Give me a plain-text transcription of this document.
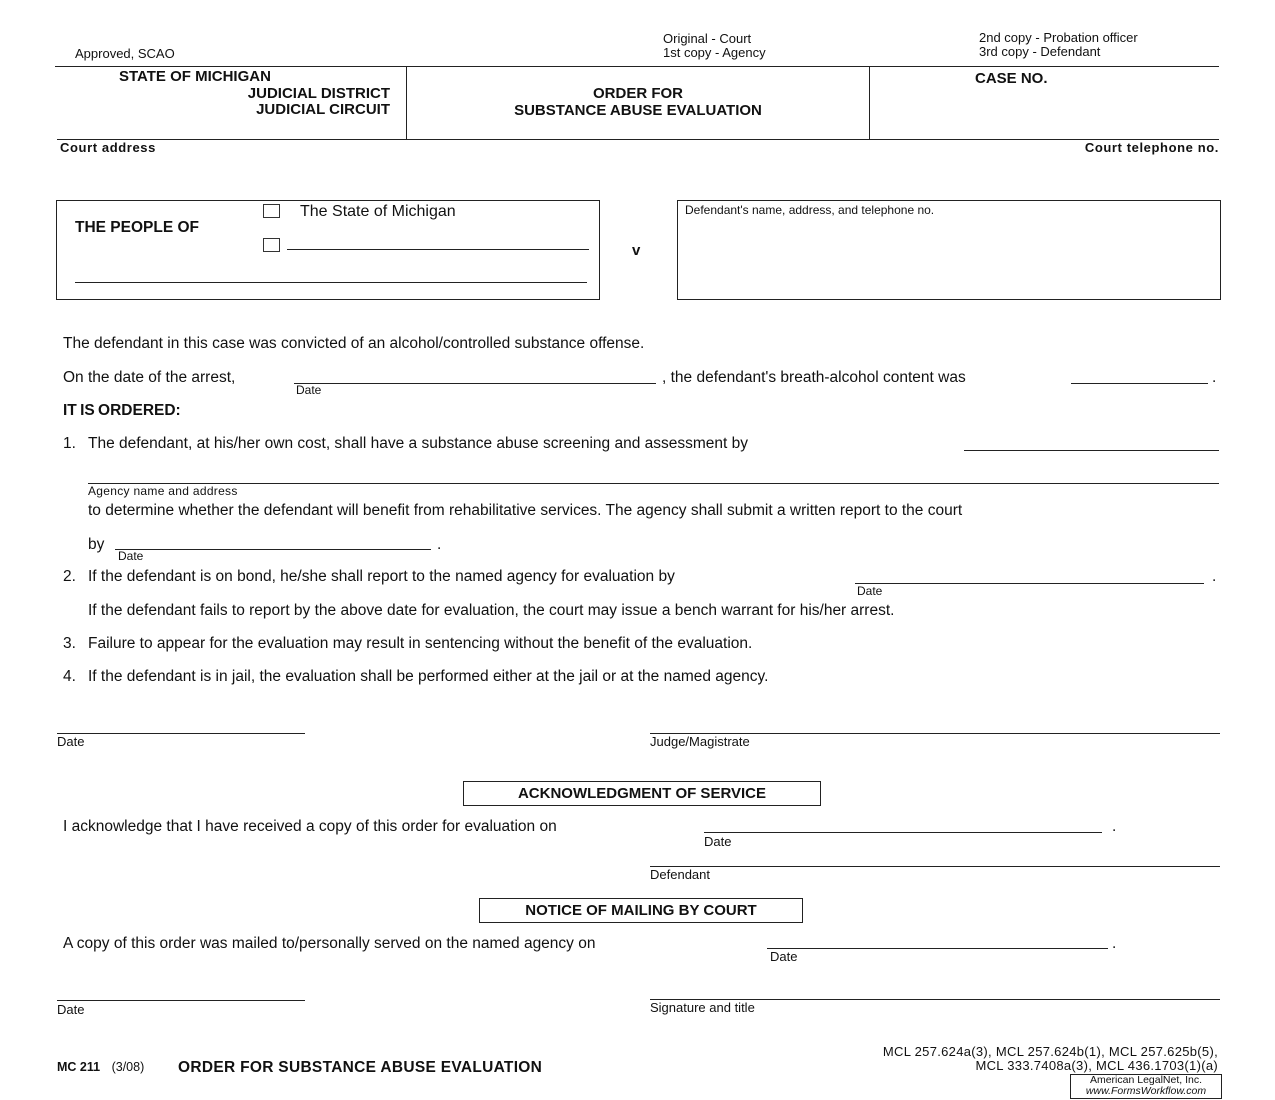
Approved, SCAO
Original - Court
1st copy - Agency
2nd copy - Probation officer
3rd copy - Defendant
STATE OF MICHIGAN
JUDICIAL DISTRICT
JUDICIAL CIRCUIT
ORDER FOR
SUBSTANCE ABUSE EVALUATION
CASE NO.
Court address	Court telephone no.
THE PEOPLE OF
The State of Michigan
v
Defendant's name, address, and telephone no.
The defendant in this case was convicted of an alcohol/controlled substance offense.
On the date of the arrest,
Date
, the defendant's breath-alcohol content was	.
IT IS ORDERED:
1. The defendant, at his/her own cost, shall have a substance abuse screening and assessment by
Agency name and address
to determine whether the defendant will benefit from rehabilitative services. The agency shall submit a written report to the court
by
Date
.
2. If the defendant is on bond, he/she shall report to the named agency for evaluation by
Date
.
If the defendant fails to report by the above date for evaluation, the court may issue a bench warrant for his/her arrest.
3. Failure to appear for the evaluation may result in sentencing without the benefit of the evaluation.
4. If the defendant is in jail, the evaluation shall be performed either at the jail or at the named agency.
Date	Judge/Magistrate
ACKNOWLEDGMENT OF SERVICE
I acknowledge that I have received a copy of this order for evaluation on
Date
.
Defendant
NOTICE OF MAILING BY COURT
A copy of this order was mailed to/personally served on the named agency on
Date
.
Date	Signature and title
MC 211 (3/08) ORDER FOR SUBSTANCE ABUSE EVALUATION
MCL 257.624a(3), MCL 257.624b(1), MCL 257.625b(5),
MCL 333.7408a(3), MCL 436.1703(1)(a)
American LegalNet, Inc.
www.FormsWorkflow.com
